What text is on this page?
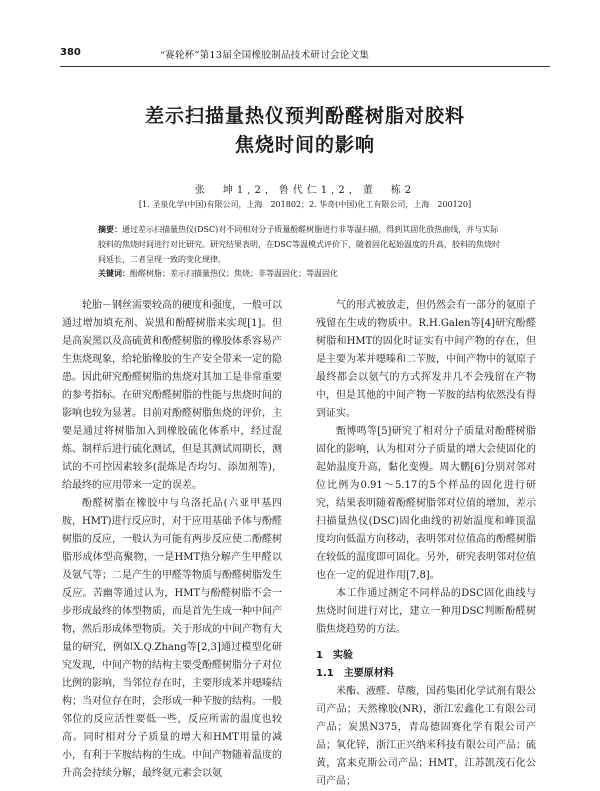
380	“赛轮杯”第13届全国橡胶制品技术研讨会论文集
差示扫描量热仪预判酚醛树脂对胶料
焦烧时间的影响
张　坤1,2，鲁代仁1,2，董　栋2
[1. 圣泉化学(中国)有限公司，上海　201802；2. 华奇(中国)化工有限公司，上海　200120]

摘要：通过差示扫描量热仪(DSC)对不同相对分子质量酚醛树脂进行非等温扫描，得到其固化放热曲线，并与实际胶料的焦烧时间进行对比研究。研究结果表明，在DSC等温模式评价下，随着固化起始温度的升高，胶料的焦烧时间延长，二者呈现一致的变化规律。

关键词：酚醛树脂；差示扫描量热仪；焦烧；非等温固化；等温固化

轮胎－钢丝需要较高的硬度和强度，一般可以通过增加填充剂、炭黑和酚醛树脂来实现[1]。但是高炭黑以及高硫黄和酚醛树脂的橡胶体系容易产生焦烧现象，给轮胎橡胶的生产安全带来一定的隐患。因此研究酚醛树脂的焦烧对其加工是非常重要的参考指标。在研究酚醛树脂的性能与焦烧时间的影响也较为显著。目前对酚醛树脂焦烧的评价，主要是通过将树脂加入到橡胶硫化体系中，经过混炼、制样后进行硫化测试，但是其测试周期长，测试的不可控因素较多(混炼是否均匀、添加剂等)，给最终的应用带来一定的误差。

酚醛树脂在橡胶中与乌洛托品(六亚甲基四胺，HMT)进行反应时，对于应用基础予体与酚醛树脂的反应，一般认为可能有两步反应使二酚醛树脂形成体型高聚物，一是HMT热分解产生甲醛以及氨气等；二是产生的甲醛等物质与酚醛树脂发生反应。苦幽等通过认为，HMT与酚醛树脂不会一步形成最终的体型物质，而是首先生成一种中间产物，然后形成体型物质。关于形成的中间产物有大量的研究，例如X.Q.Zhang等[2,3]通过模型化研究发现，中间产物的结构主要受酚醛树脂分子对位比例的影响，当邻位存在时，主要形成苯并噁嗪结构；当对位存在时，会形成一种苄胺的结构。一般邻位的反应活性要低一些，反应所需的温度也较高。同时相对分子质量的增大和HMT用量的减小，有利于苄胺结构的生成。中间产物随着温度的升高会持续分解，最终氨元素会以氨

气的形式被放走，但仍然会有一部分的氨原子残留在生成的物质中。R.H.Galen等[4]研究酚醛树脂和HMT的固化时证实有中间产物的存在，但是主要为苯并噁嗪和二苄胺，中间产物中的氨原子最终都会以氨气的方式挥发并几不会残留在产物中，但是其他的中间产物一苄胺的结构依然没有得到证实。

甄博鸣等[5]研究了相对分子质量对酚醛树脂固化的影响，认为相对分子质量的增大会使固化的起始温度升高，黏化变慢。周大鹏[6]分别对邻对位比例为0.91～5.17的5个样品的固化进行研究，结果表明随着酚醛树脂邻对位值的增加，差示扫描量热仪(DSC)固化曲线的初始温度和峰顶温度均向低温方向移动，表明邻对位值高的酚醛树脂在较低的温度即可固化。另外，研究表明邻对位值也在一定的促进作用[7,8]。

本工作通过测定不同样品的DSC固化曲线与焦烧时间进行对比，建立一种用DSC判断酚醛树脂焦烧趋势的方法。

1　实验

1.1　主要原材料

米酯、液醛、草酸，国药集团化学试剂有限公司产品；天然橡胶(NR)，浙江宏鑫化工有限公司产品；炭黑N375，青岛德固赛化学有限公司产品；氧化锌，浙江正兴纳米科技有限公司产品；硫黄，富来克斯公司产品；HMT，江苏凯茂石化公司产品；
